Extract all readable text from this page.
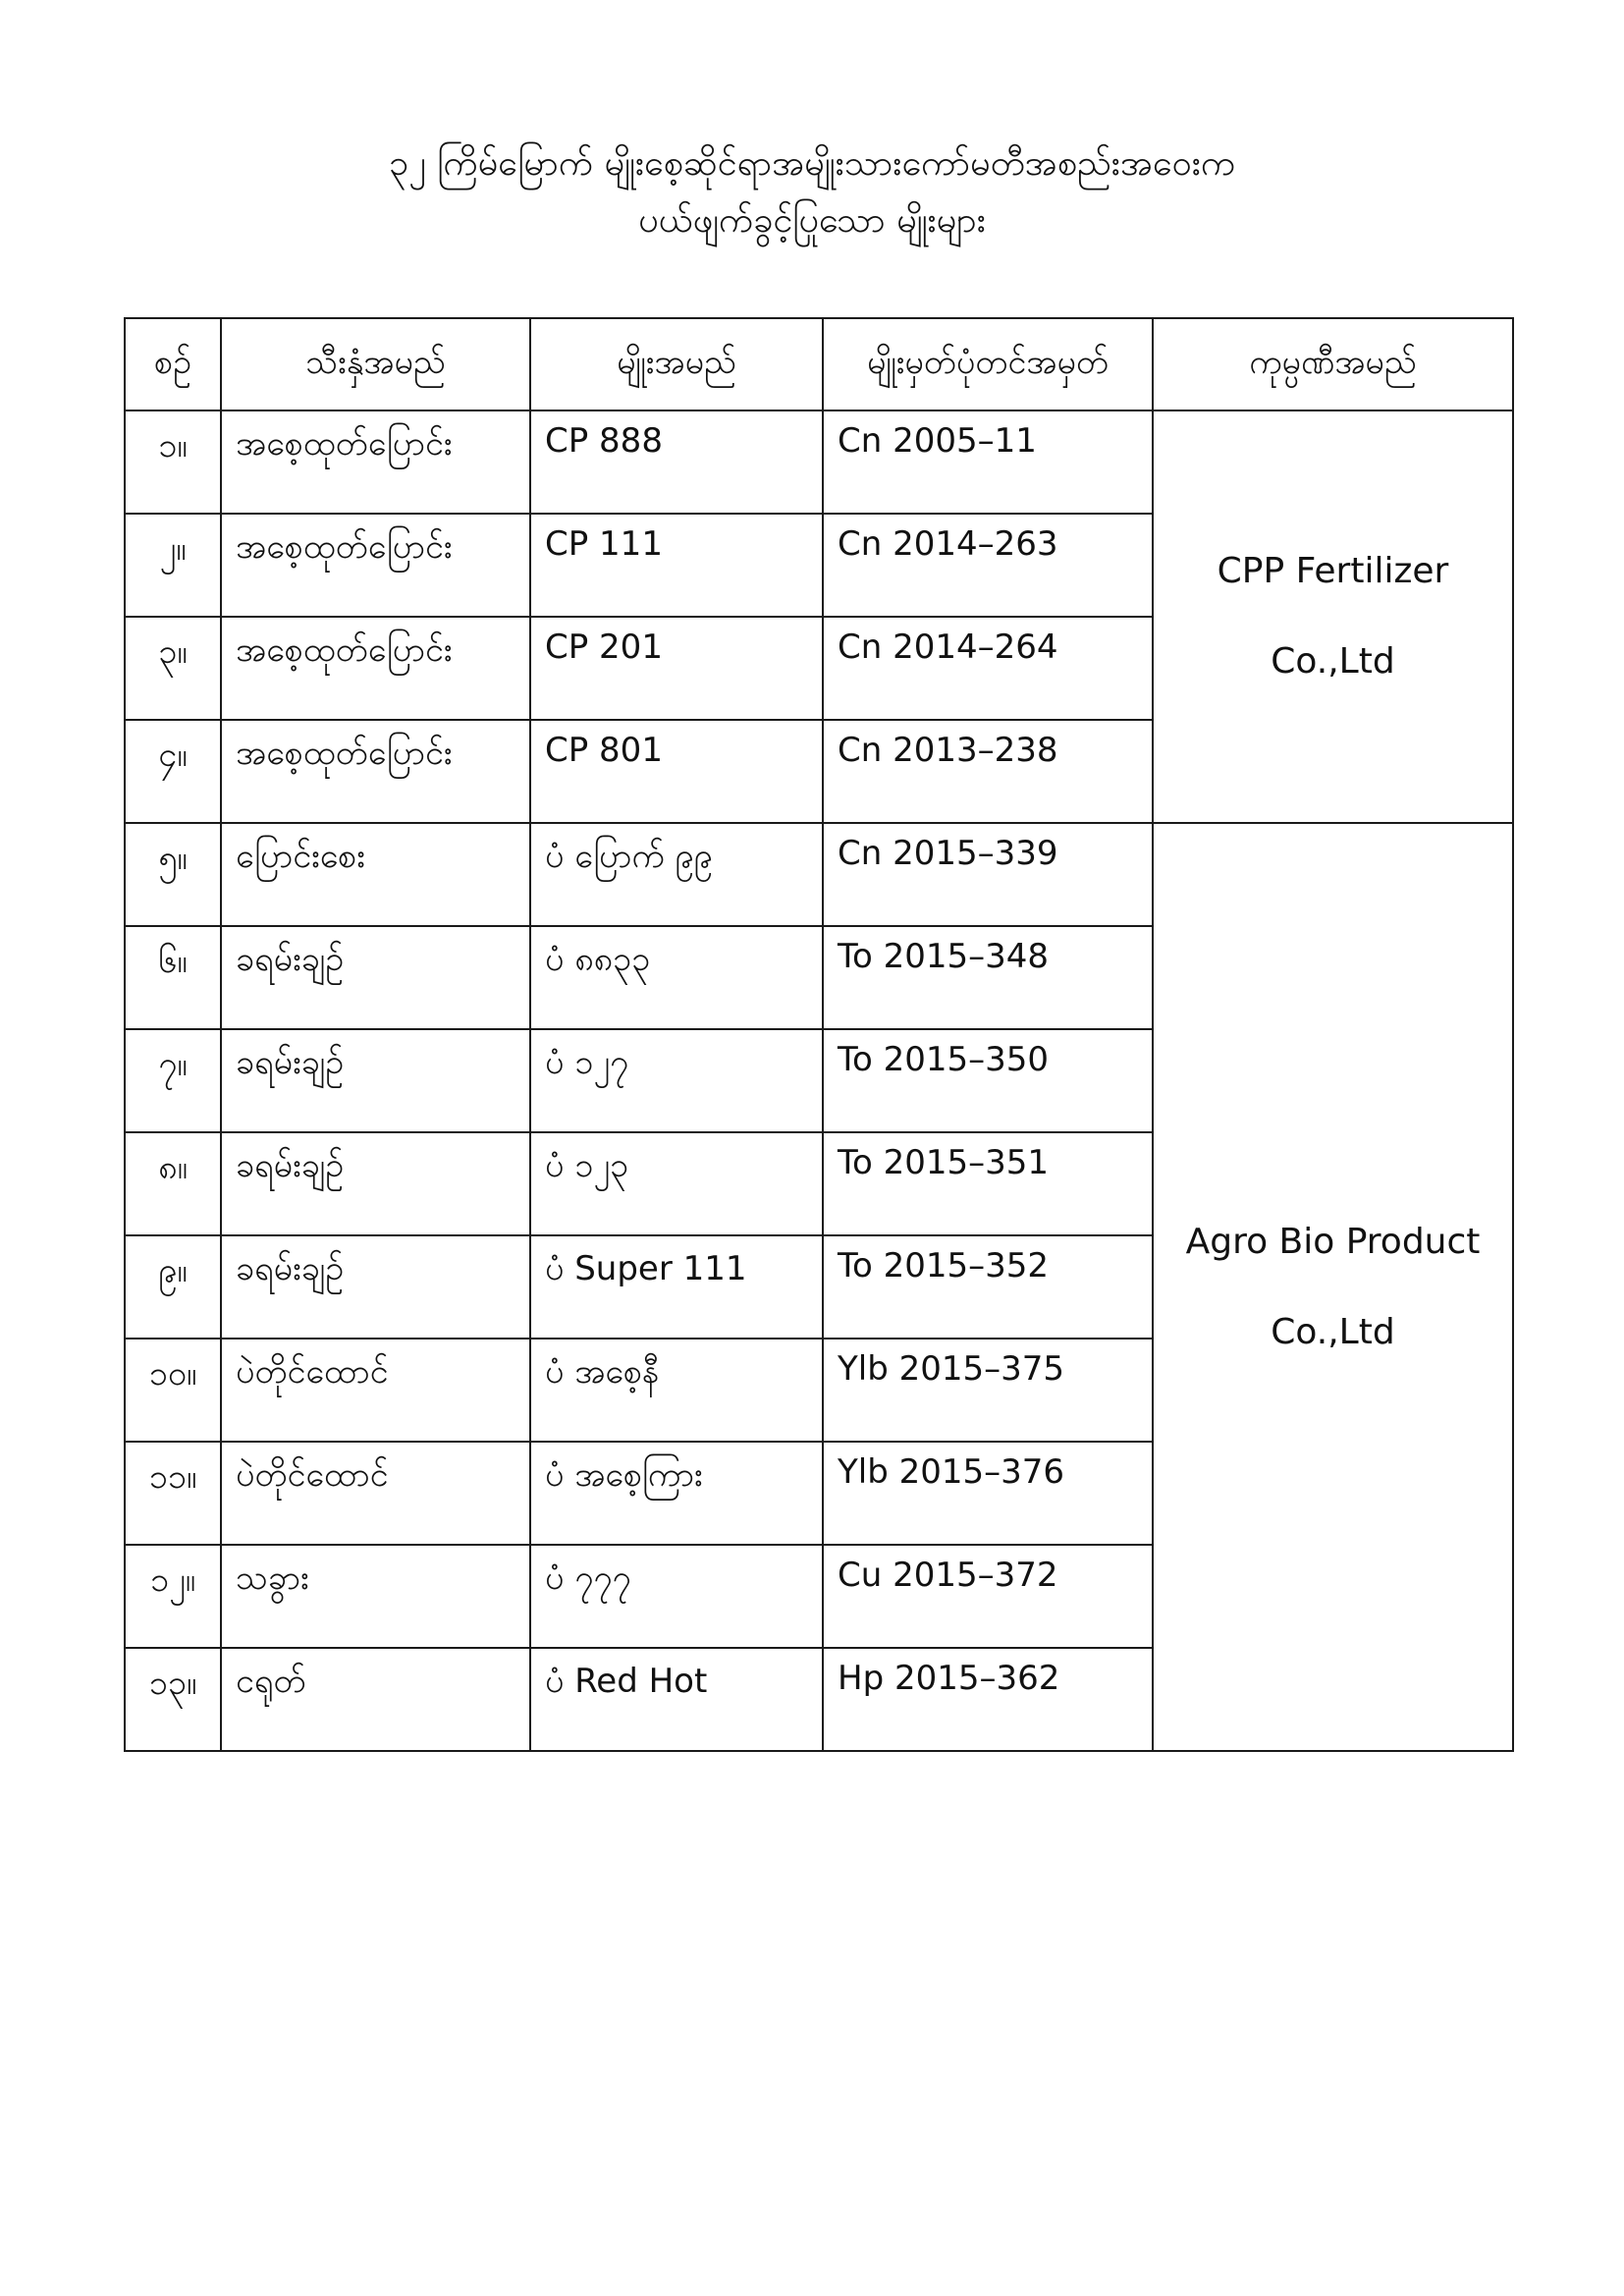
၃၂ ကြိမ်မြောက် မျိုးစေ့ဆိုင်ရာအမျိုးသားကော်မတီအစည်းအဝေးက
ပယ်ဖျက်ခွင့်ပြုသော မျိုးများ
စဉ်	သီးနှံအမည်	မျိုးအမည်	မျိုးမှတ်ပုံတင်အမှတ်	ကုမ္ပဏီအမည်
၁။	အစေ့ထုတ်ပြောင်း	CP 888	Cn 2005–11	CPP Fertilizer
Co.,Ltd

၂။	အစေ့ထုတ်ပြောင်း	CP 111	Cn 2014–263	
၃။	အစေ့ထုတ်ပြောင်း	CP 201	Cn 2014–264	
၄။	အစေ့ထုတ်ပြောင်း	CP 801	Cn 2013–238	
၅။	ပြောင်းစေး	ပံ ပြောက် ၉၉	Cn 2015–339	Agro Bio Product
Co.,Ltd

၆။	ခရမ်းချဉ်	ပံ ၈၈၃၃	To 2015–348	
၇။	ခရမ်းချဉ်	ပံ ၁၂၇	To 2015–350	
၈။	ခရမ်းချဉ်	ပံ ၁၂၃	To 2015–351	
၉။	ခရမ်းချဉ်	ပံ Super 111	To 2015–352	
၁၀။	ပဲတိုင်ထောင်	ပံ အစေ့နီ	Ylb 2015–375	
၁၁။	ပဲတိုင်ထောင်	ပံ အစေ့ကြား	Ylb 2015–376	
၁၂။	သခွား	ပံ ၇၇၇	Cu 2015–372	
၁၃။	ငရုတ်	ပံ Red Hot	Hp 2015–362	
